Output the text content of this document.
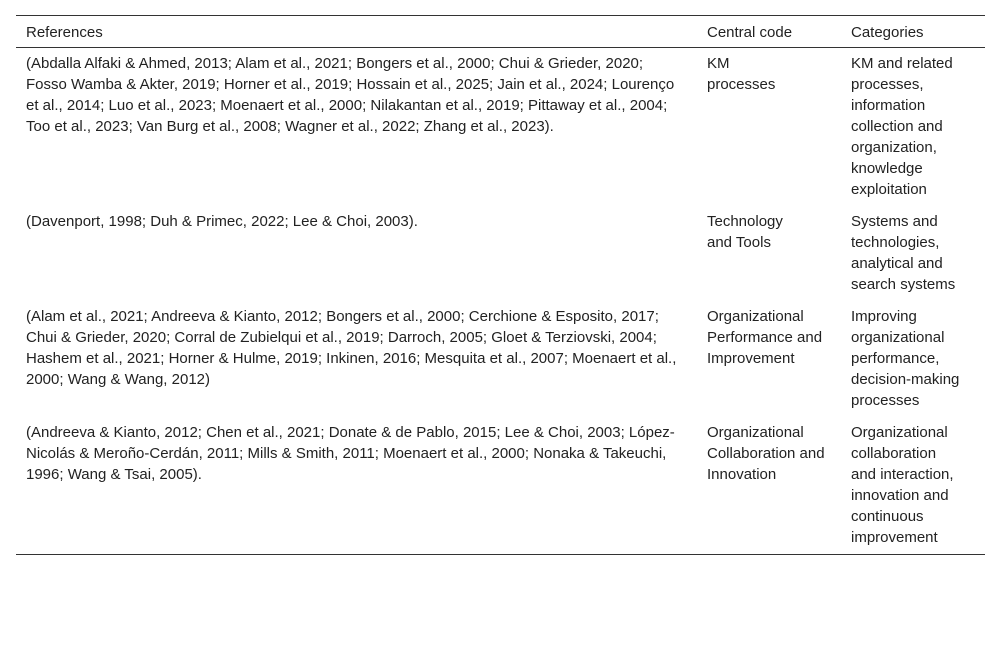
References	Central code	Categories

(Abdalla Alfaki & Ahmed, 2013; Alam et al., 2021; Bongers et al., 2000; Chui & Grieder, 2020; Fosso Wamba & Akter, 2019; Horner et al., 2019; Hossain et al., 2025; Jain et al., 2024; Lourenço et al., 2014; Luo et al., 2023; Moenaert et al., 2000; Nilakantan et al., 2019; Pittaway et al., 2004; Too et al., 2023; Van Burg et al., 2008; Wagner et al., 2022; Zhang et al., 2023).	KM processes	KM and related processes, information collection and organization, knowledge exploitation

(Davenport, 1998; Duh & Primec, 2022; Lee & Choi, 2003).	Technology and Tools	Systems and technologies, analytical and search systems

(Alam et al., 2021; Andreeva & Kianto, 2012; Bongers et al., 2000; Cerchione & Esposito, 2017; Chui & Grieder, 2020; Corral de Zubielqui et al., 2019; Darroch, 2005; Gloet & Terziovski, 2004; Hashem et al., 2021; Horner & Hulme, 2019; Inkinen, 2016; Mesquita et al., 2007; Moenaert et al., 2000; Wang & Wang, 2012)	Organizational Performance and Improvement	Improving organizational performance, decision-making processes

(Andreeva & Kianto, 2012; Chen et al., 2021; Donate & de Pablo, 2015; Lee & Choi, 2003; López-Nicolás & Meroño-Cerdán, 2011; Mills & Smith, 2011; Moenaert et al., 2000; Nonaka & Takeuchi, 1996; Wang & Tsai, 2005).	Organizational Collaboration and Innovation	Organizational collaboration and interaction, innovation and continuous improvement
